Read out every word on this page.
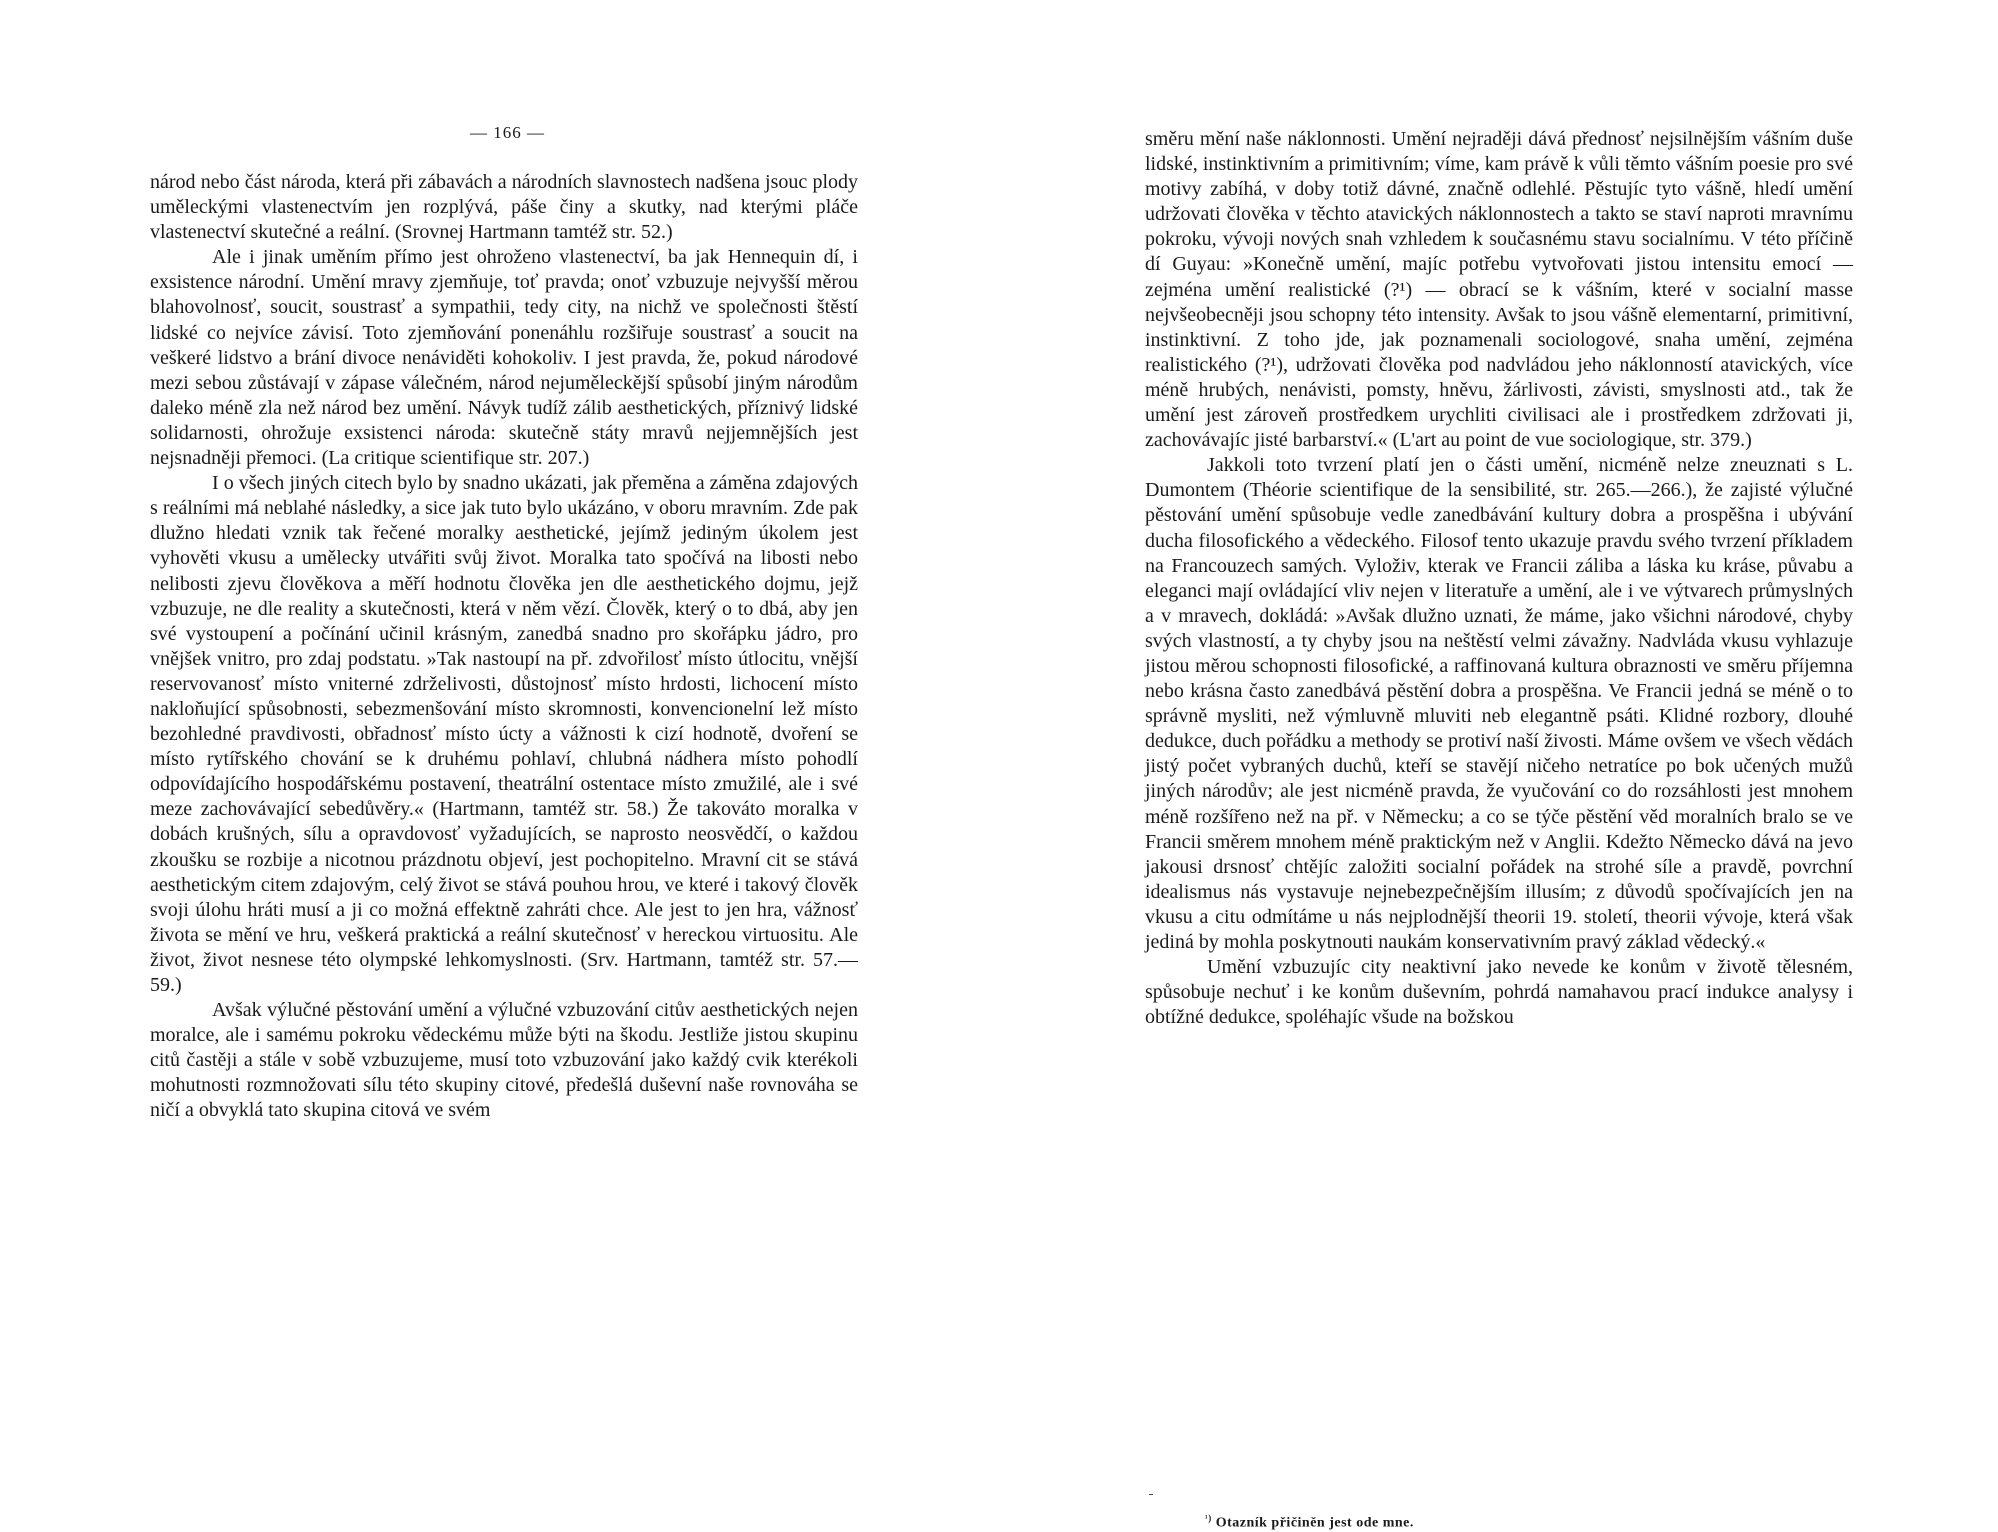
— 166 —

národ nebo část národa, která při zábavách a národních slavnostech nadšena jsouc plody uměleckými vlastenectvím jen rozplývá, páše činy a skutky, nad kterými pláče vlastenectví skutečné a reální. (Srovnej Hartmann tamtéž str. 52.)

Ale i jinak uměním přímo jest ohroženo vlastenectví, ba jak Hennequin dí, i exsistence národní. Umění mravy zjemňuje, toť pravda; onoť vzbuzuje nejvyšší měrou blahovolnosť, soucit, soustrasť a sympathii, tedy city, na nichž ve společnosti štěstí lidské co nejvíce závisí. Toto zjemňování ponenáhlu rozšiřuje soustrasť a soucit na veškeré lidstvo a brání divoce nenáviděti kohokoliv. I jest pravda, že, pokud národové mezi sebou zůstávají v zápase válečném, národ nejuměleckější spůsobí jiným národům daleko méně zla než národ bez umění. Návyk tudíž zálib aesthetických, příznivý lidské solidarnosti, ohrožuje exsistenci národa: skutečně státy mravů nejjemnějších jest nejsnadněji přemoci. (La critique scientifique str. 207.)

I o všech jiných citech bylo by snadno ukázati, jak přeměna a záměna zdajových s reálními má neblahé následky, a sice jak tuto bylo ukázáno, v oboru mravním. Zde pak dlužno hledati vznik tak řečené moralky aesthetické, jejímž jediným úkolem jest vyhověti vkusu a umělecky utvářiti svůj život. Moralka tato spočívá na libosti nebo nelibosti zjevu člověkova a měří hodnotu člověka jen dle aesthetického dojmu, jejž vzbuzuje, ne dle reality a skutečnosti, která v něm vězí. Člověk, který o to dbá, aby jen své vystoupení a počínání učinil krásným, zanedbá snadno pro skořápku jádro, pro vnějšek vnitro, pro zdaj podstatu. »Tak nastoupí na př. zdvořilosť místo útlocitu, vnější reservovanosť místo vniterné zdrželivosti, důstojnosť místo hrdosti, lichocení místo nakloňující spůsobnosti, sebezmenšování místo skromnosti, konvencionelní lež místo bezohledné pravdivosti, obřadnosť místo úcty a vážnosti k cizí hodnotě, dvoření se místo rytířského chování se k druhému pohlaví, chlubná nádhera místo pohodlí odpovídajícího hospodářskému postavení, theatrální ostentace místo zmužilé, ale i své meze zachovávající sebedůvěry.« (Hartmann, tamtéž str. 58.) Že takováto moralka v dobách krušných, sílu a opravdovosť vyžadujících, se naprosto neosvědčí, o každou zkoušku se rozbije a nicotnou prázdnotu objeví, jest pochopitelno. Mravní cit se stává aesthetickým citem zdajovým, celý život se stává pouhou hrou, ve které i takový člověk svoji úlohu hráti musí a ji co možná effektně zahráti chce. Ale jest to jen hra, vážnosť života se mění ve hru, veškerá praktická a reální skutečnosť v hereckou virtuositu. Ale život, život nesnese této olympské lehkomyslnosti. (Srv. Hartmann, tamtéž str. 57.—59.)

Avšak výlučné pěstování umění a výlučné vzbuzování citův aesthetických nejen moralce, ale i samému pokroku vědeckému může býti na škodu. Jestliže jistou skupinu citů častěji a stále v sobě vzbuzujeme, musí toto vzbuzování jako každý cvik kterékoli mohutnosti rozmnožovati sílu této skupiny citové, předešlá duševní naše rovnováha se ničí a obvyklá tato skupina citová ve svém

směru mění naše náklonnosti. Umění nejraději dává přednosť nejsilnějším vášním duše lidské, instinktivním a primitivním; víme, kam právě k vůli těmto vášním poesie pro své motivy zabíhá, v doby totiž dávné, značně odlehlé. Pěstujíc tyto vášně, hledí umění udržovati člověka v těchto atavických náklonnostech a takto se staví naproti mravnímu pokroku, vývoji nových snah vzhledem k současnému stavu socialnímu. V této příčině dí Guyau: »Konečně umění, majíc potřebu vytvořovati jistou intensitu emocí — zejména umění realistické (?¹) — obrací se k vášním, které v socialní masse nejvšeobecněji jsou schopny této intensity. Avšak to jsou vášně elementarní, primitivní, instinktivní. Z toho jde, jak poznamenali sociologové, snaha umění, zejména realistického (?¹), udržovati člověka pod nadvládou jeho náklonností atavických, více méně hrubých, nenávisti, pomsty, hněvu, žárlivosti, závisti, smyslnosti atd., tak že umění jest zároveň prostředkem urychliti civilisaci ale i prostředkem zdržovati ji, zachovávajíc jisté barbarství.« (L'art au point de vue sociologique, str. 379.)

Jakkoli toto tvrzení platí jen o části umění, nicméně nelze zneuznati s L. Dumontem (Théorie scientifique de la sensibilité, str. 265.—266.), že zajisté výlučné pěstování umění spůsobuje vedle zanedbávání kultury dobra a prospěšna i ubývání ducha filosofického a vědeckého. Filosof tento ukazuje pravdu svého tvrzení příkladem na Francouzech samých. Vyloživ, kterak ve Francii záliba a láska ku kráse, půvabu a eleganci mají ovládající vliv nejen v literatuře a umění, ale i ve výtvarech průmyslných a v mravech, dokládá: »Avšak dlužno uznati, že máme, jako všichni národové, chyby svých vlastností, a ty chyby jsou na neštěstí velmi závažny. Nadvláda vkusu vyhlazuje jistou měrou schopnosti filosofické, a raffinovaná kultura obraznosti ve směru příjemna nebo krásna často zanedbává pěstění dobra a prospěšna. Ve Francii jedná se méně o to správně mysliti, než výmluvně mluviti neb elegantně psáti. Klidné rozbory, dlouhé dedukce, duch pořádku a methody se protiví naší živosti. Máme ovšem ve všech vědách jistý počet vybraných duchů, kteří se stavějí ničeho netratíce po bok učených mužů jiných národův; ale jest nicméně pravda, že vyučování co do rozsáhlosti jest mnohem méně rozšířeno než na př. v Německu; a co se týče pěstění věd moralních bralo se ve Francii směrem mnohem méně praktickým než v Anglii. Kdežto Německo dává na jevo jakousi drsnosť chtějíc založiti socialní pořádek na strohé síle a pravdě, povrchní idealismus nás vystavuje nejnebezpečnějším illusím; z důvodů spočívajících jen na vkusu a citu odmítáme u nás nejplodnější theorii 19. století, theorii vývoje, která však jediná by mohla poskytnouti naukám konservativním pravý základ vědecký.«

Umění vzbuzujíc city neaktivní jako nevede ke konům v životě tělesném, spůsobuje nechuť i ke konům duševním, pohrdá namahavou prací indukce analysy i obtížné dedukce, spoléhajíc všude na božskou

$^{^1)}$ Otazník přičiněn jest ode mne.
